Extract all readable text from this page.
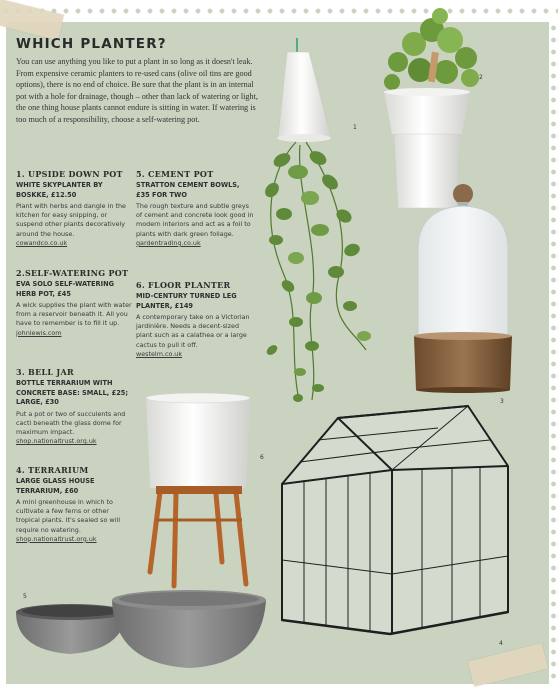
WHICH PLANTER?

You can use anything you like to put a plant in so long as it doesn't leak. From expensive ceramic planters to re-used cans (olive oil tins are good options), there is no end of choice. Be sure that the plant is in an internal pot with a hole for drainage, though – other than lack of watering or light, the one thing house plants cannot endure is sitting in water. If watering is too much of a responsibility, choose a self-watering pot.

1. UPSIDE DOWN POT

WHITE SKYPLANTER BY BOSKKE, £12.50

Plant with herbs and dangle in the kitchen for easy snipping, or suspend other plants decoratively around the house.

cowandco.co.uk

2.SELF-WATERING POT

EVA SOLO SELF-WATERING HERB POT, £45

A wick supplies the plant with water from a reservoir beneath it. All you have to remember is to fill it up.

johnlewis.com

3. BELL JAR

BOTTLE TERRARIUM WITH CONCRETE BASE: SMALL, £25; LARGE, £30

Put a pot or two of succulents and cacti beneath the glass dome for maximum impact.

shop.nationaltrust.org.uk

4. TERRARIUM

LARGE GLASS HOUSE TERRARIUM, £60

A mini greenhouse in which to cultivate a few ferns or other tropical plants. It's sealed so will require no watering.

shop.nationaltrust.org.uk

5. CEMENT POT

STRATTON CEMENT BOWLS, £35 FOR TWO

The rough texture and subtle greys of cement and concrete look good in modern interiors and act as a foil to plants with dark green foliage.

gardentrading.co.uk

6. FLOOR PLANTER

MID-CENTURY TURNED LEG PLANTER, £149

A contemporary take on a Victorian jardinière. Needs a decent-sized plant such as a calathea or a large cactus to pull it off.

westelm.co.uk

1
2
3
4
5
6
